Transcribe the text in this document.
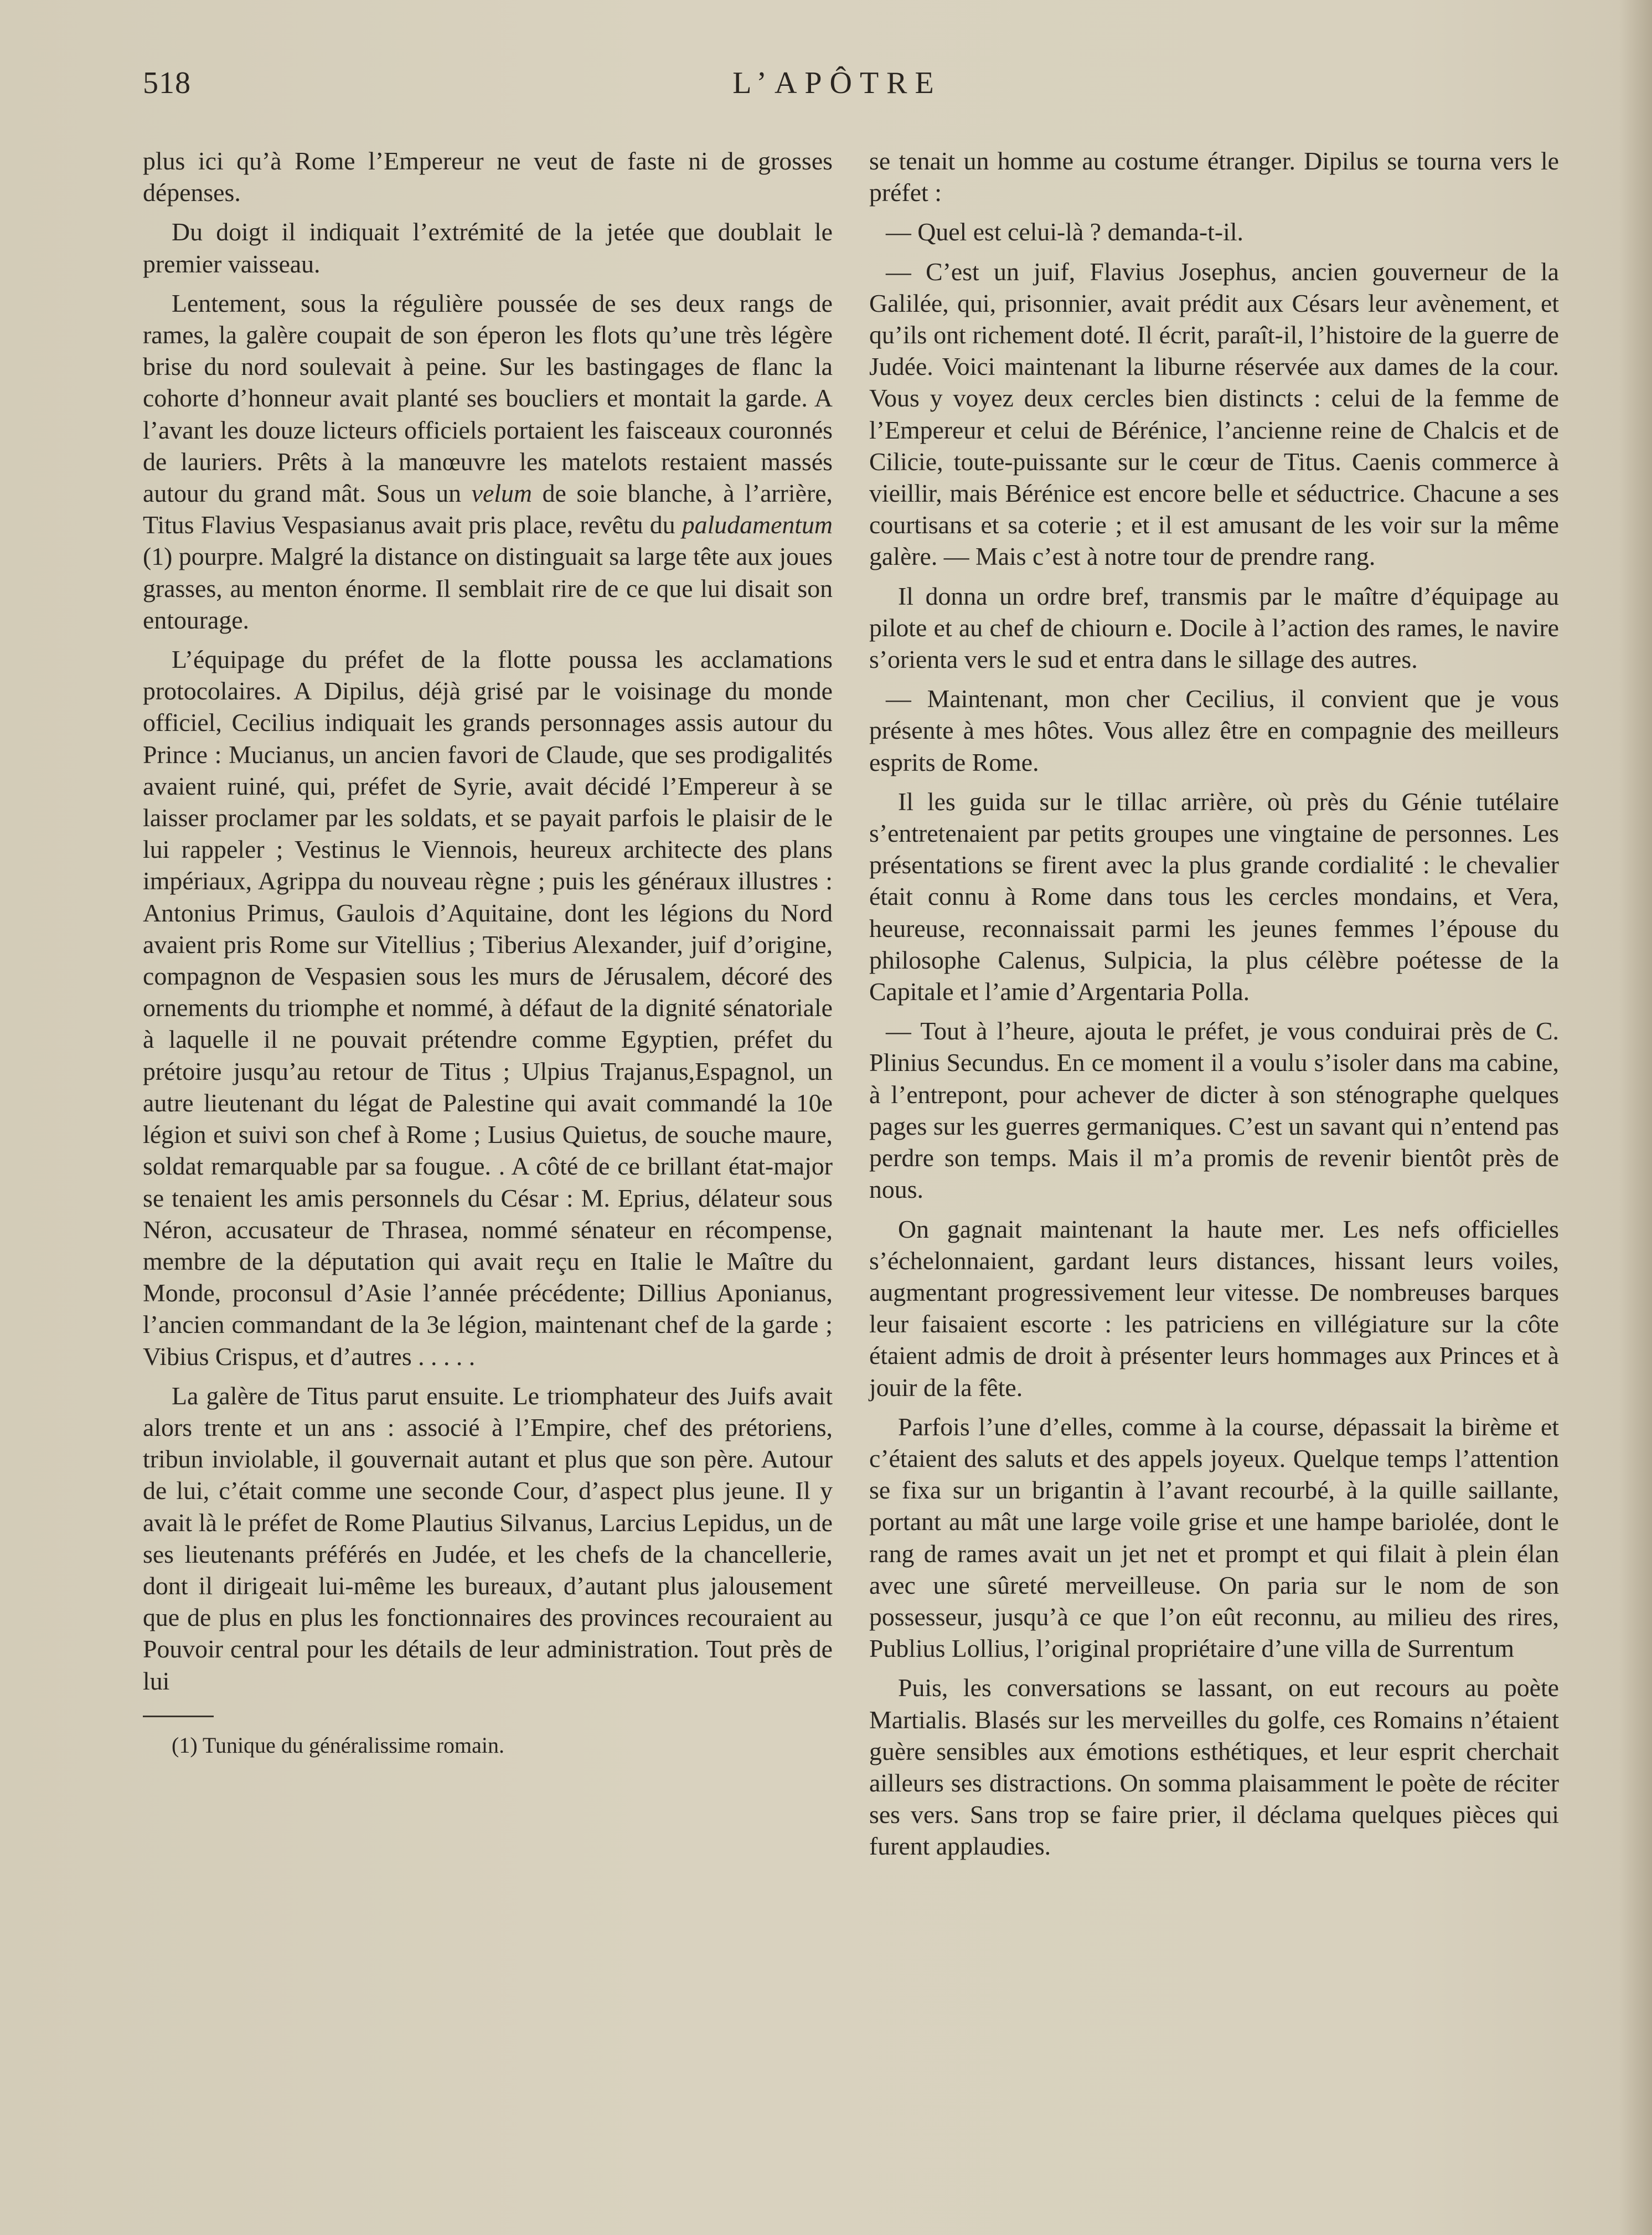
518	L’APÔTRE

plus ici qu’à Rome l’Empereur ne veut de faste ni de grosses dépenses.

Du doigt il indiquait l’extrémité de la jetée que doublait le premier vaisseau.

Lentement, sous la régulière poussée de ses deux rangs de rames, la galère coupait de son éperon les flots qu’une très légère brise du nord soulevait à peine. Sur les bastingages de flanc la cohorte d’honneur avait planté ses boucliers et montait la garde. A l’avant les douze licteurs officiels portaient les faisceaux couronnés de lauriers. Prêts à la manœuvre les matelots restaient massés autour du grand mât. Sous un velum de soie blanche, à l’arrière, Titus Flavius Vespasianus avait pris place, revêtu du paludamentum (1) pourpre. Malgré la distance on distinguait sa large tête aux joues grasses, au menton énorme. Il semblait rire de ce que lui disait son entourage.

L’équipage du préfet de la flotte poussa les acclamations protocolaires. A Dipilus, déjà grisé par le voisinage du monde officiel, Cecilius indiquait les grands personnages assis autour du Prince : Mucianus, un ancien favori de Claude, que ses prodigalités avaient ruiné, qui, préfet de Syrie, avait décidé l’Empereur à se laisser proclamer par les soldats, et se payait parfois le plaisir de le lui rappeler ; Vestinus le Viennois, heureux architecte des plans impériaux, Agrippa du nouveau règne ; puis les généraux illustres : Antonius Primus, Gaulois d’Aquitaine, dont les légions du Nord avaient pris Rome sur Vitellius ; Tiberius Alexander, juif d’origine, compagnon de Vespasien sous les murs de Jérusalem, décoré des ornements du triomphe et nommé, à défaut de la dignité sénatoriale à laquelle il ne pouvait prétendre comme Egyptien, préfet du prétoire jusqu’au retour de Titus ; Ulpius Trajanus,Espagnol, un autre lieutenant du légat de Palestine qui avait commandé la 10e légion et suivi son chef à Rome ; Lusius Quietus, de souche maure, soldat remarquable par sa fougue. . A côté de ce brillant état-major se tenaient les amis personnels du César : M. Eprius, délateur sous Néron, accusateur de Thrasea, nommé sénateur en récompense, membre de la députation qui avait reçu en Italie le Maître du Monde, proconsul d’Asie l’année précédente; Dillius Aponianus, l’ancien commandant de la 3e légion, maintenant chef de la garde ; Vibius Crispus, et d’autres . . . . .

La galère de Titus parut ensuite. Le triomphateur des Juifs avait alors trente et un ans : associé à l’Empire, chef des prétoriens, tribun inviolable, il gouvernait autant et plus que son père. Autour de lui, c’était comme une seconde Cour, d’aspect plus jeune. Il y avait là le préfet de Rome Plautius Silvanus, Larcius Lepidus, un de ses lieutenants préférés en Judée, et les chefs de la chancellerie, dont il dirigeait lui-même les bureaux, d’autant plus jalousement que de plus en plus les fonctionnaires des provinces recouraient au Pouvoir central pour les détails de leur administration. Tout près de lui

(1) Tunique du généralissime romain.

se tenait un homme au costume étranger. Dipilus se tourna vers le préfet :

— Quel est celui-là ? demanda-t-il.

— C’est un juif, Flavius Josephus, ancien gouverneur de la Galilée, qui, prisonnier, avait prédit aux Césars leur avènement, et qu’ils ont richement doté. Il écrit, paraît-il, l’histoire de la guerre de Judée. Voici maintenant la liburne réservée aux dames de la cour. Vous y voyez deux cercles bien distincts : celui de la femme de l’Empereur et celui de Bérénice, l’ancienne reine de Chalcis et de Cilicie, toute-puissante sur le cœur de Titus. Caenis commerce à vieillir, mais Bérénice est encore belle et séductrice. Chacune a ses courtisans et sa coterie ; et il est amusant de les voir sur la même galère. — Mais c’est à notre tour de prendre rang.

Il donna un ordre bref, transmis par le maître d’équipage au pilote et au chef de chiourn e. Docile à l’action des rames, le navire s’orienta vers le sud et entra dans le sillage des autres.

— Maintenant, mon cher Cecilius, il convient que je vous présente à mes hôtes. Vous allez être en compagnie des meilleurs esprits de Rome.

Il les guida sur le tillac arrière, où près du Génie tutélaire s’entretenaient par petits groupes une vingtaine de personnes. Les présentations se firent avec la plus grande cordialité : le chevalier était connu à Rome dans tous les cercles mondains, et Vera, heureuse, reconnaissait parmi les jeunes femmes l’épouse du philosophe Calenus, Sulpicia, la plus célèbre poétesse de la Capitale et l’amie d’Argentaria Polla.

— Tout à l’heure, ajouta le préfet, je vous conduirai près de C. Plinius Secundus. En ce moment il a voulu s’isoler dans ma cabine, à l’entrepont, pour achever de dicter à son sténographe quelques pages sur les guerres germaniques. C’est un savant qui n’entend pas perdre son temps. Mais il m’a promis de revenir bientôt près de nous.

On gagnait maintenant la haute mer. Les nefs officielles s’échelonnaient, gardant leurs distances, hissant leurs voiles, augmentant progressivement leur vitesse. De nombreuses barques leur faisaient escorte : les patriciens en villégiature sur la côte étaient admis de droit à présenter leurs hommages aux Princes et à jouir de la fête.

Parfois l’une d’elles, comme à la course, dépassait la birème et c’étaient des saluts et des appels joyeux. Quelque temps l’attention se fixa sur un brigantin à l’avant recourbé, à la quille saillante, portant au mât une large voile grise et une hampe bariolée, dont le rang de rames avait un jet net et prompt et qui filait à plein élan avec une sûreté merveilleuse. On paria sur le nom de son possesseur, jusqu’à ce que l’on eût reconnu, au milieu des rires, Publius Lollius, l’original propriétaire d’une villa de Surrentum

Puis, les conversations se lassant, on eut recours au poète Martialis. Blasés sur les merveilles du golfe, ces Romains n’étaient guère sensibles aux émotions esthétiques, et leur esprit cherchait ailleurs ses distractions. On somma plaisamment le poète de réciter ses vers. Sans trop se faire prier, il déclama quelques pièces qui furent applaudies.
